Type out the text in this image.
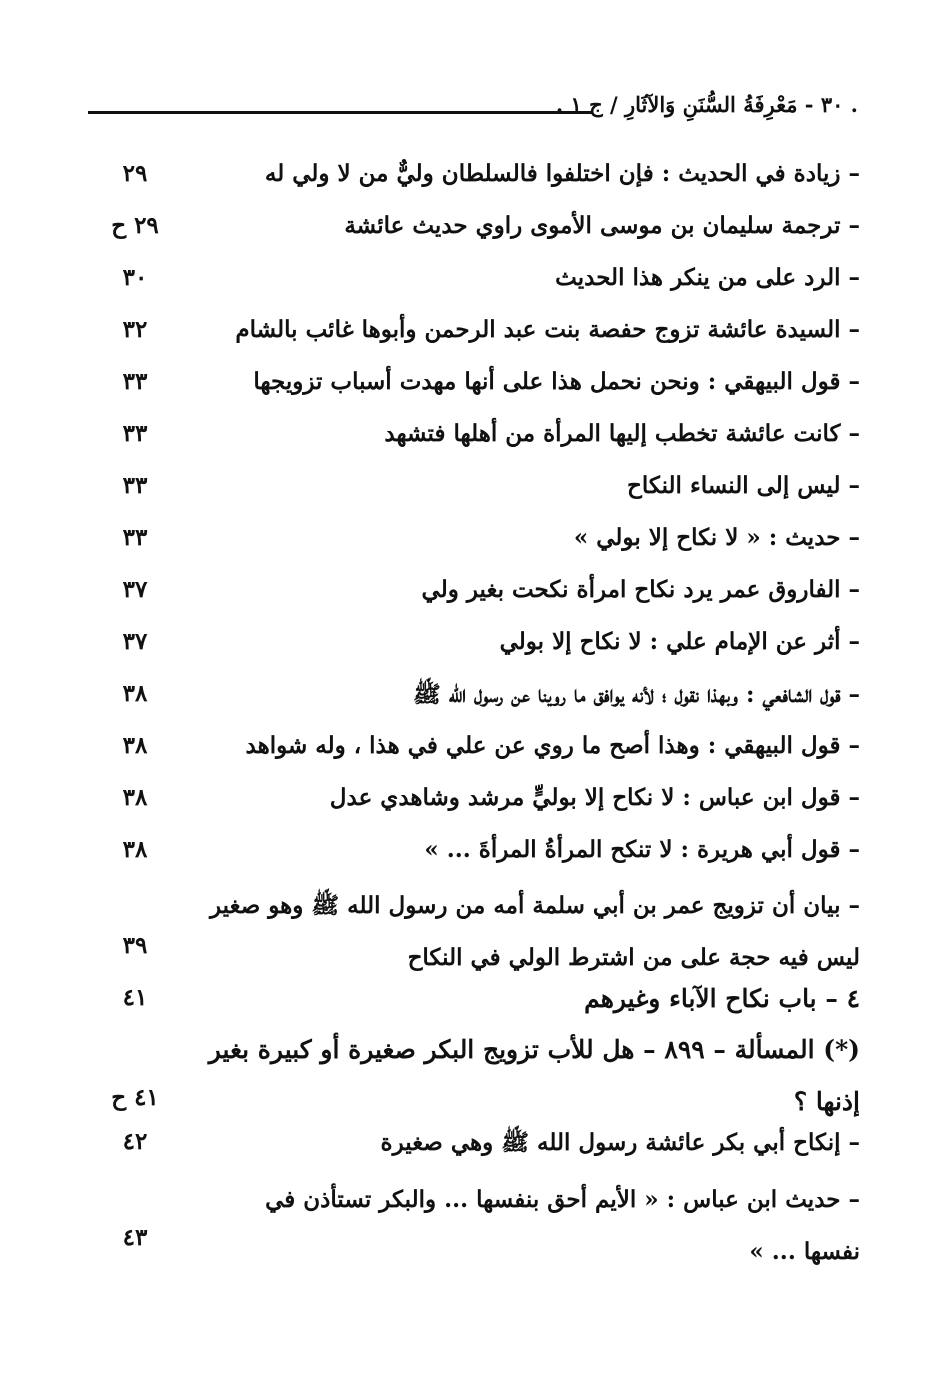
. ٣٠ - مَعْرِفَةُ السُّنَنِ وَالآثَارِ / ج ١ .
– زيادة في الحديث : فإن اختلفوا فالسلطان وليٌّ من لا ولي له
٢٩
– ترجمة سليمان بن موسى الأموى راوي حديث عائشة
٢٩ ح
– الرد على من ينكر هذا الحديث
٣٠
– السيدة عائشة تزوج حفصة بنت عبد الرحمن وأبوها غائب بالشام
٣٢
– قول البيهقي : ونحن نحمل هذا على أنها مهدت أسباب تزويجها
٣٣
– كانت عائشة تخطب إليها المرأة من أهلها فتشهد
٣٣
– ليس إلى النساء النكاح
٣٣
– حديث : « لا نكاح إلا بولي »
٣٣
– الفاروق عمر يرد نكاح امرأة نكحت بغير ولي
٣٧
– أثر عن الإمام علي : لا نكاح إلا بولي
٣٧
– قول الشافعي : وبهذا نقول ؛ لأنه يوافق ما روينا عن رسول الله ﷺ
٣٨
– قول البيهقي : وهذا أصح ما روي عن علي في هذا ، وله شواهد
٣٨
– قول ابن عباس : لا نكاح إلا بوليٍّ مرشد وشاهدي عدل
٣٨
– قول أبي هريرة : لا تنكح المرأةُ المرأةَ ... »
٣٨
– بيان أن تزويج عمر بن أبي سلمة أمه من رسول الله ﷺ وهو صغير ليس فيه حجة على من اشترط الولي في النكاح
٣٩
٤ – باب نكاح الآباء وغيرهم
٤١
(*) المسألة – ٨٩٩ – هل للأب تزويج البكر صغيرة أو كبيرة بغير إذنها ؟
٤١ ح
– إنكاح أبي بكر عائشة رسول الله ﷺ وهي صغيرة
٤٢
– حديث ابن عباس : « الأيم أحق بنفسها ... والبكر تستأذن في نفسها ... »
٤٣
